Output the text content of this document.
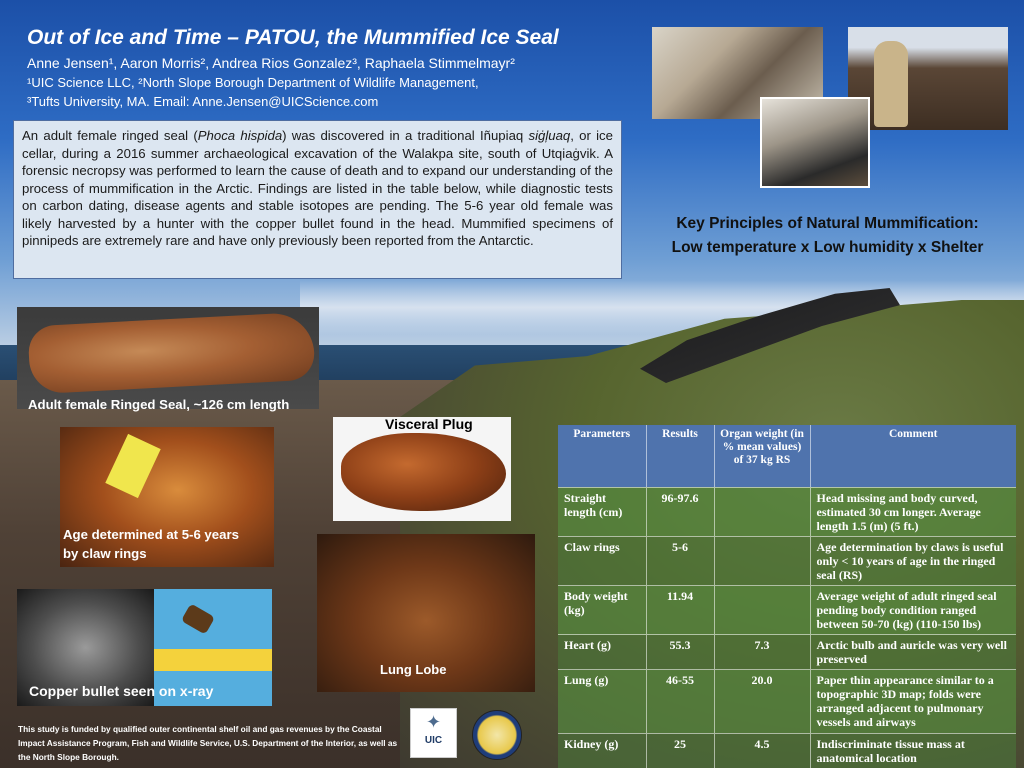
Out of Ice and Time – PATOU, the Mummified Ice Seal
Anne Jensen¹, Aaron Morris², Andrea Rios Gonzalez³, Raphaela Stimmelmayr²
¹UIC Science LLC, ²North Slope Borough Department of Wildlife Management,
³Tufts University, MA. Email: Anne.Jensen@UICScience.com
An adult female ringed seal (Phoca hispida) was discovered in a traditional Iñupiaq siġļuaq, or ice cellar, during a 2016 summer archaeological excavation of the Walakpa site, south of Utqiaġvik. A forensic necropsy was performed to learn the cause of death and to expand our understanding of the process of mummification in the Arctic. Findings are listed in the table below, while diagnostic tests on carbon dating, disease agents and stable isotopes are pending. The 5-6 year old female was likely harvested by a hunter with the copper bullet found in the head. Mummified specimens of pinnipeds are extremely rare and have only previously been reported from the Antarctic.
Key Principles of Natural Mummification:
Low temperature x Low humidity x Shelter
Adult female Ringed Seal, ~126 cm length
Age determined at 5-6 years
by claw rings
Visceral Plug
Copper bullet seen on x-ray
Lung Lobe
This study is funded by qualified outer continental shelf oil and gas revenues by the Coastal Impact Assistance Program, Fish and Wildlife Service, U.S. Department of the Interior, as well as the North Slope Borough.
✦
UIC
Parameters	Results	Organ weight (in % mean values) of 37 kg RS	Comment
Straight length (cm)	96-97.6		Head missing and body curved, estimated 30 cm longer. Average length 1.5 (m) (5 ft.)
Claw rings	5-6		Age determination by claws is useful only < 10 years of age in the ringed seal (RS)
Body weight (kg)	11.94		Average weight of adult ringed seal pending body condition ranged between 50-70 (kg) (110-150 lbs)
Heart (g)	55.3	7.3	Arctic bulb and auricle was very well preserved
Lung (g)	46-55	20.0	Paper thin appearance similar to a topographic 3D map; folds were arranged adjacent to pulmonary vessels and airways
Kidney (g)	25	4.5	Indiscriminate tissue mass at anatomical location
